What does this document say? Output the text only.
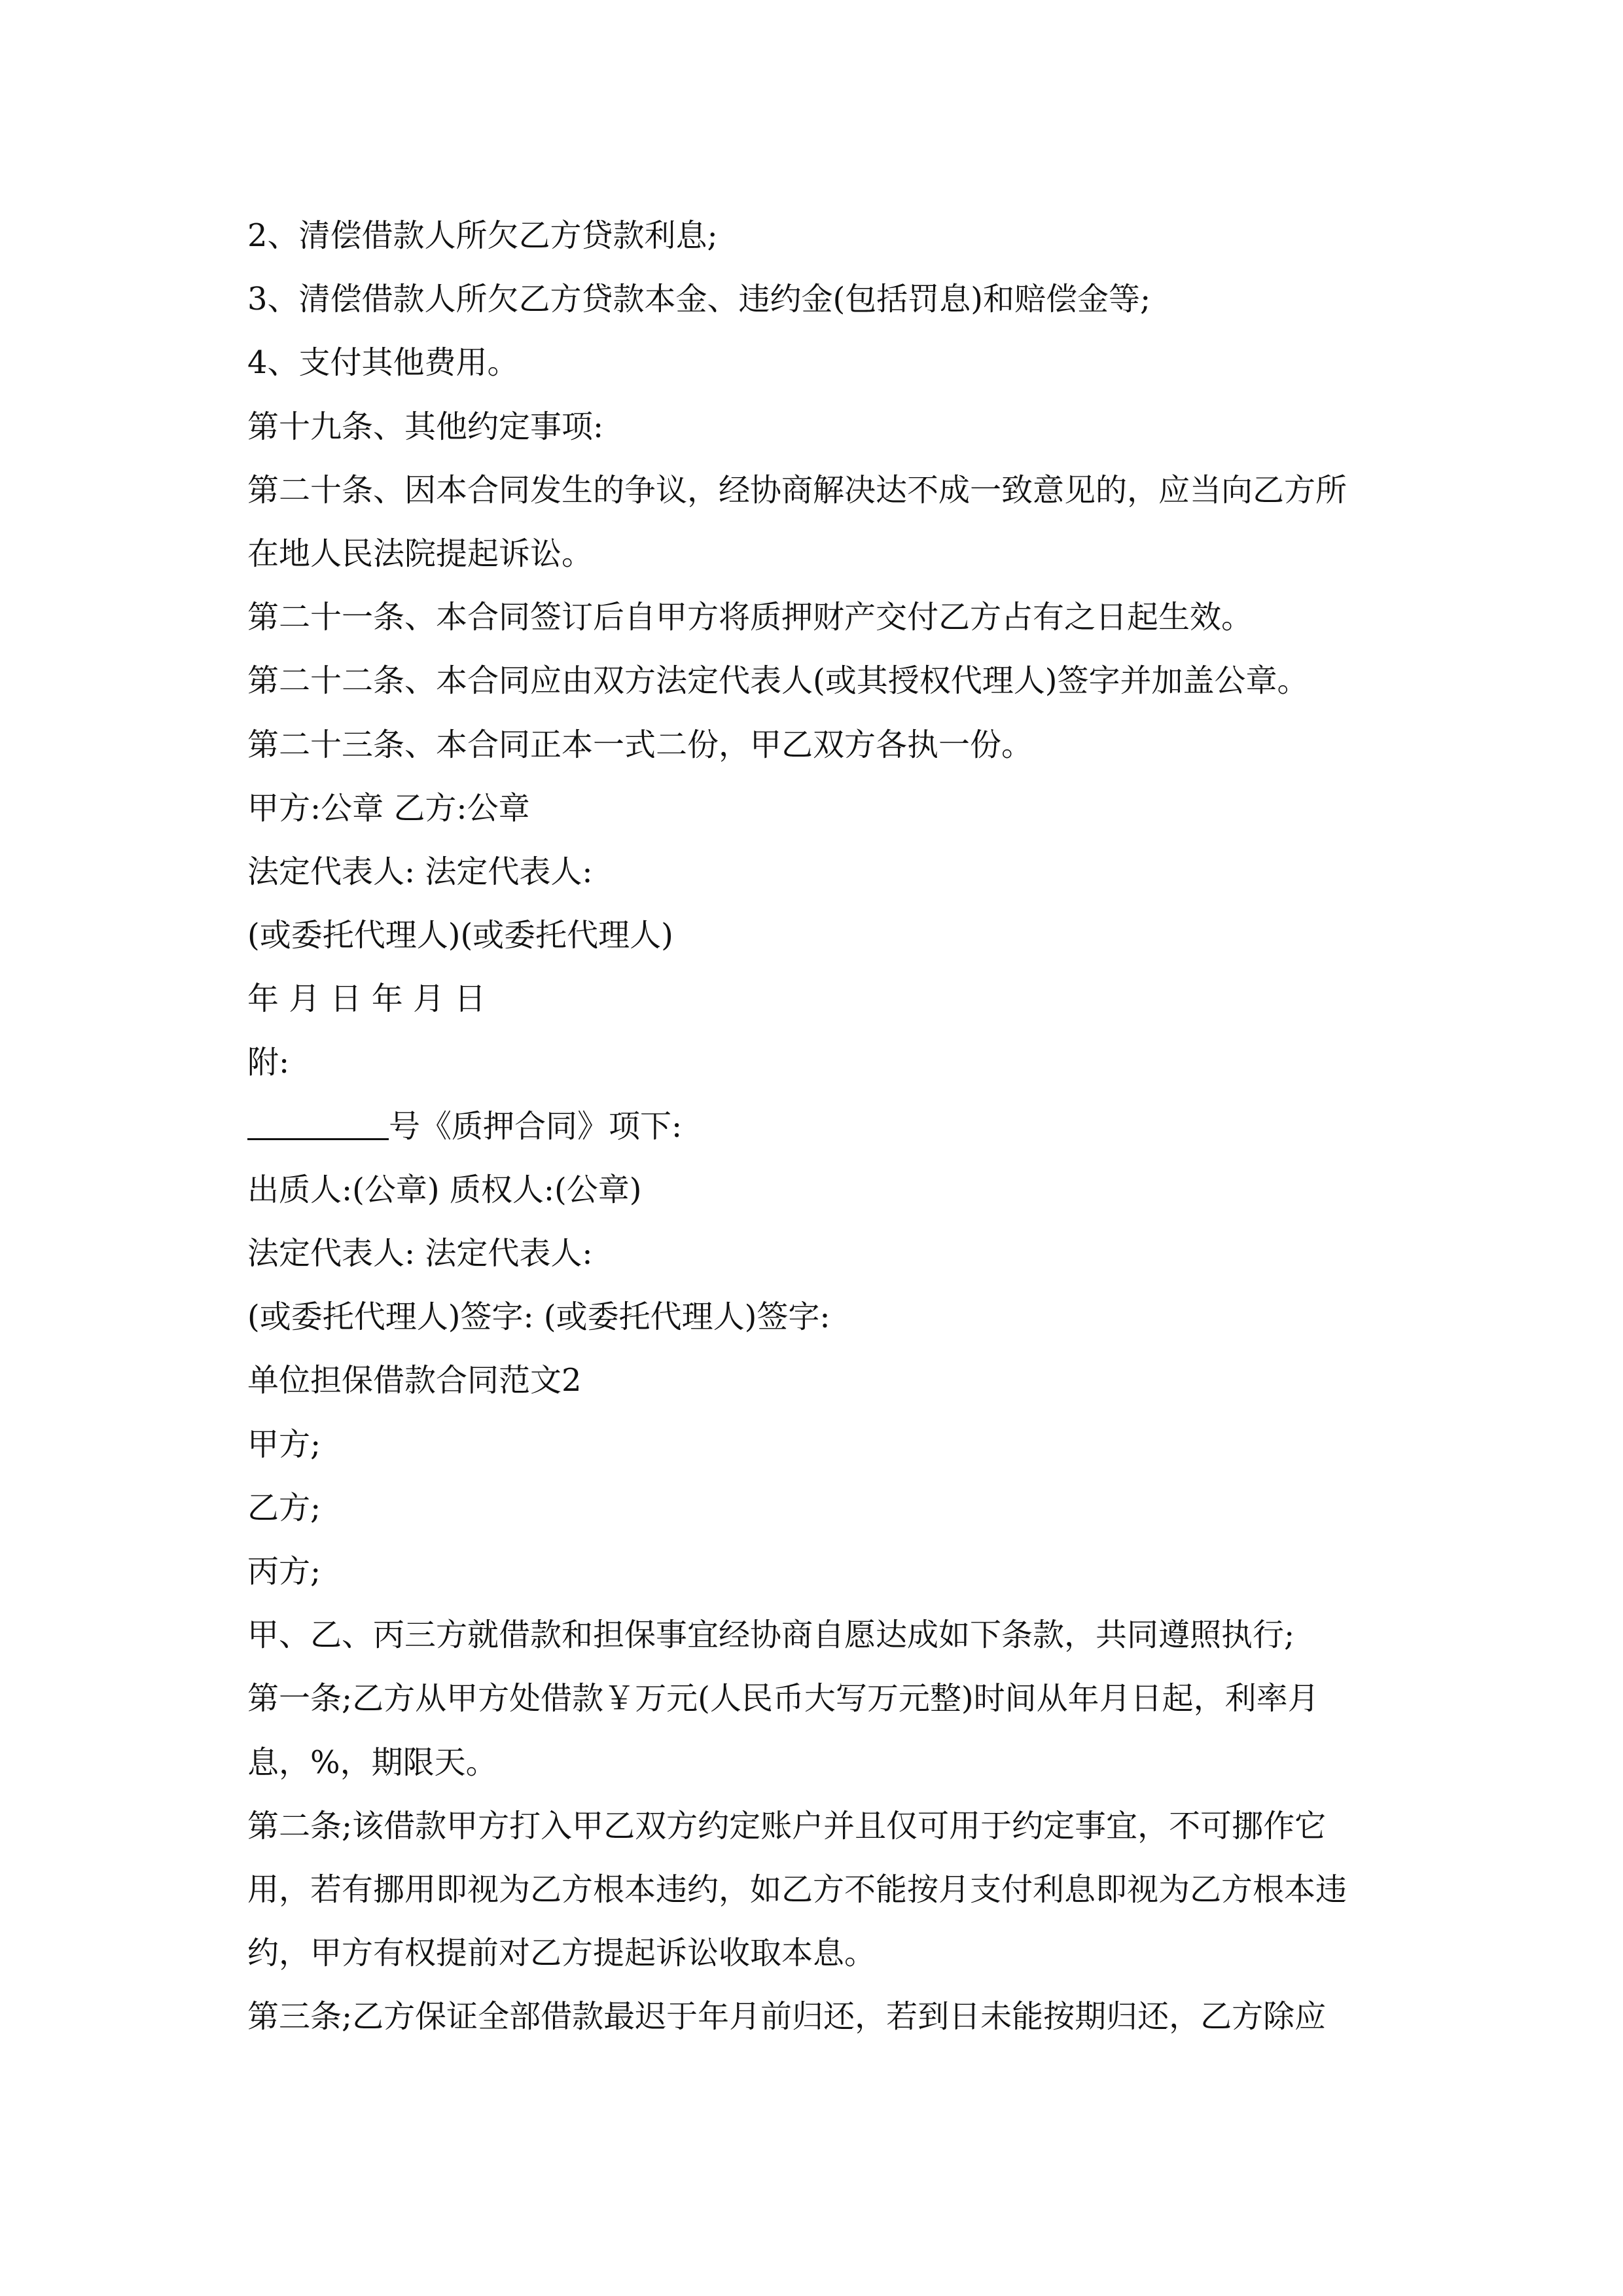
2、清偿借款人所欠乙方贷款利息;
3、清偿借款人所欠乙方贷款本金、违约金(包括罚息)和赔偿金等;
4、支付其他费用。
第十九条、其他约定事项:
第二十条、因本合同发生的争议，经协商解决达不成一致意见的，应当向乙方所
在地人民法院提起诉讼。
第二十一条、本合同签订后自甲方将质押财产交付乙方占有之日起生效。
第二十二条、本合同应由双方法定代表人(或其授权代理人)签字并加盖公章。
第二十三条、本合同正本一式二份，甲乙双方各执一份。
甲方:公章 乙方:公章
法定代表人: 法定代表人:
(或委托代理人)(或委托代理人)
年 月 日 年 月 日
附:
号《质押合同》项下:
出质人:(公章) 质权人:(公章)
法定代表人: 法定代表人:
(或委托代理人)签字: (或委托代理人)签字:
单位担保借款合同范文2
甲方;
乙方;
丙方;
甲、乙、丙三方就借款和担保事宜经协商自愿达成如下条款，共同遵照执行;
第一条;乙方从甲方处借款￥万元(人民币大写万元整)时间从年月日起，利率月
息，%，期限天。
第二条;该借款甲方打入甲乙双方约定账户并且仅可用于约定事宜，不可挪作它
用，若有挪用即视为乙方根本违约，如乙方不能按月支付利息即视为乙方根本违
约，甲方有权提前对乙方提起诉讼收取本息。
第三条;乙方保证全部借款最迟于年月前归还，若到日未能按期归还，乙方除应
